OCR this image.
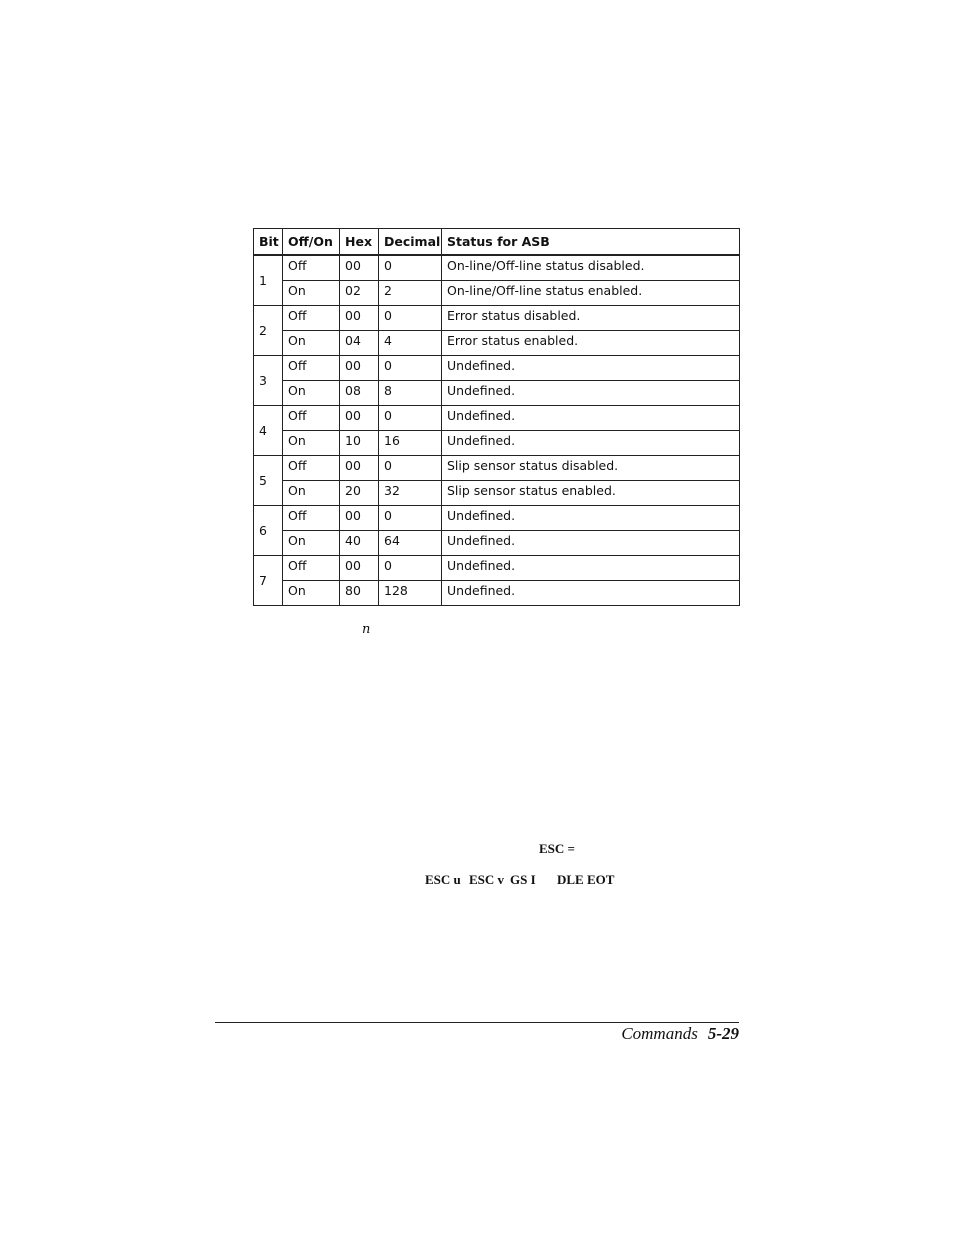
Bit	Off/On	Hex	Decimal	Status for ASB
1	Off	00	0	On-line/Off-line status disabled.
	On	02	2	On-line/Off-line status enabled.
2	Off	00	0	Error status disabled.
	On	04	4	Error status enabled.
3	Off	00	0	Undefined.
	On	08	8	Undefined.
4	Off	00	0	Undefined.
	On	10	16	Undefined.
5	Off	00	0	Slip sensor status disabled.
	On	20	32	Slip sensor status enabled.
6	Off	00	0	Undefined.
	On	40	64	Undefined.
7	Off	00	0	Undefined.
	On	80	128	Undefined.
n
ESC =
ESC u ESC v GS I DLE EOT
Commands 5-29
